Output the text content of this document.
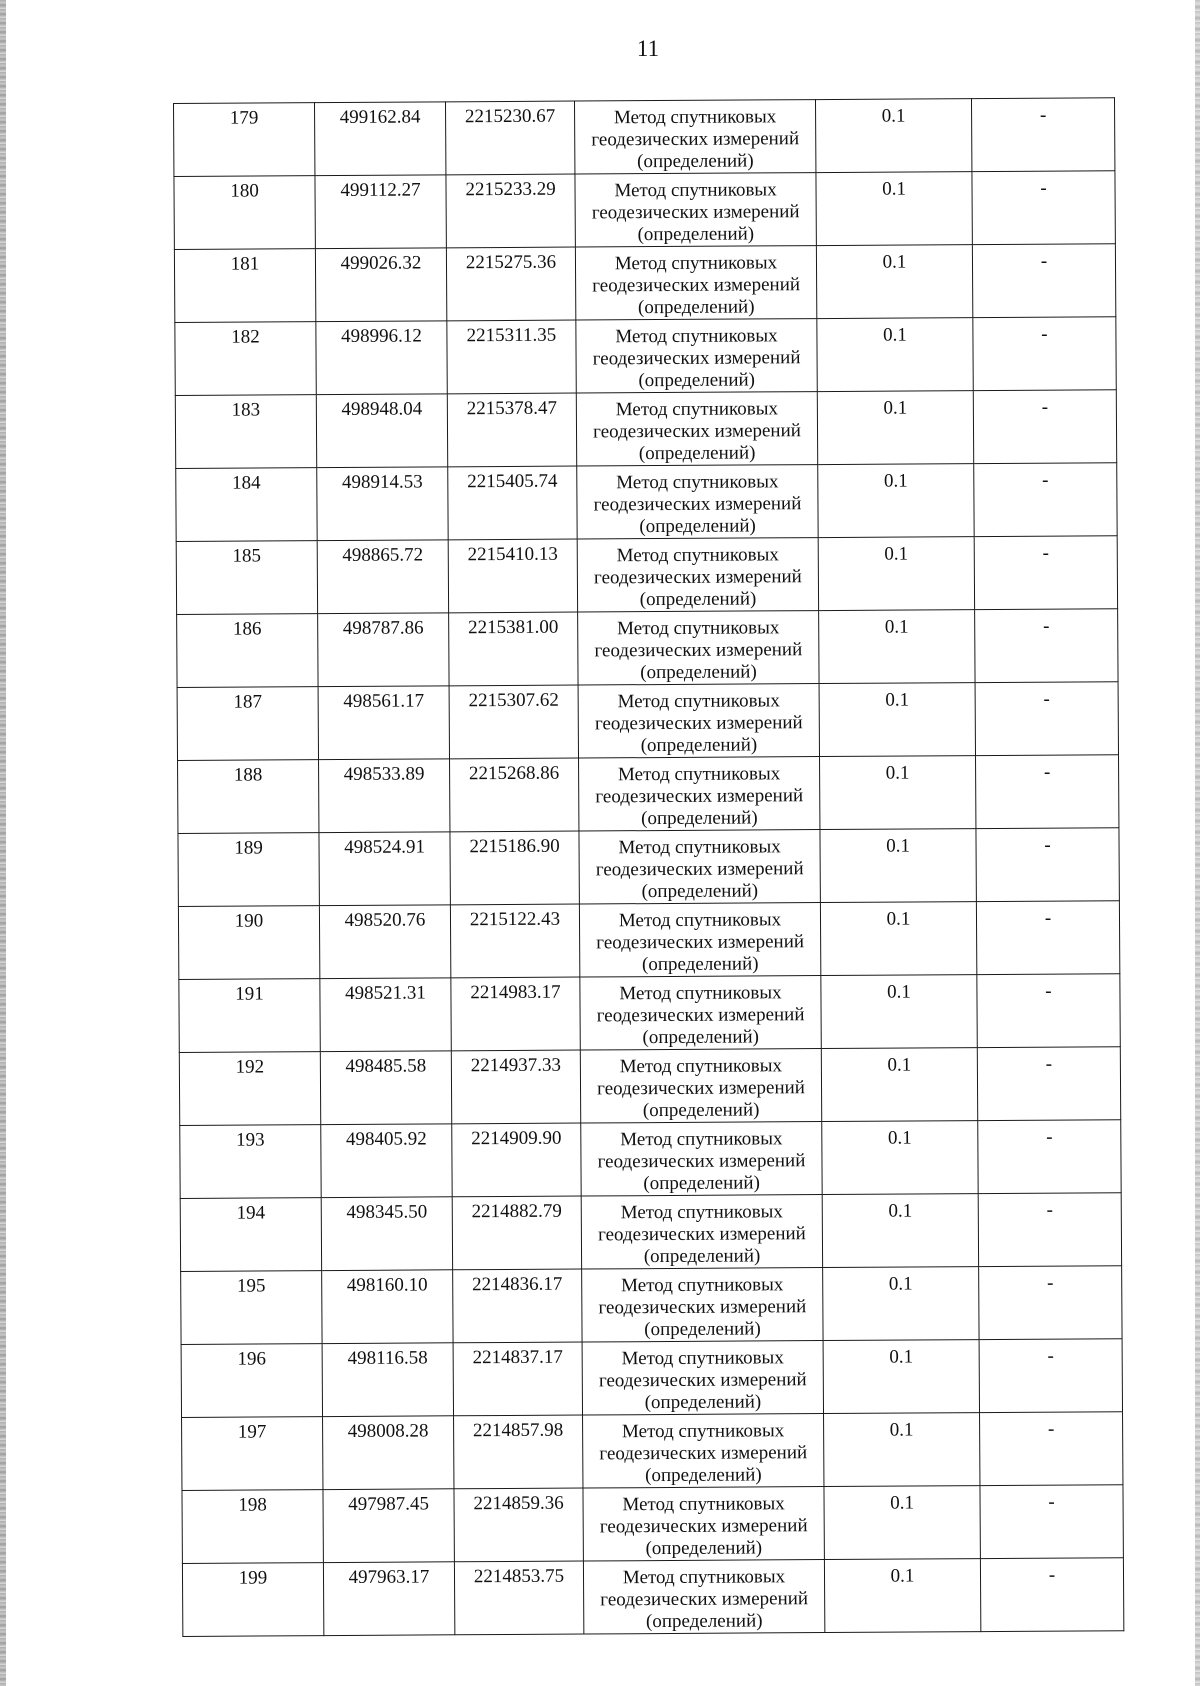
11
179	499162.84	2215230.67	Метод спутниковых
геодезических измерений
(определений)	0.1	-
180	499112.27	2215233.29	Метод спутниковых
геодезических измерений
(определений)	0.1	-
181	499026.32	2215275.36	Метод спутниковых
геодезических измерений
(определений)	0.1	-
182	498996.12	2215311.35	Метод спутниковых
геодезических измерений
(определений)	0.1	-
183	498948.04	2215378.47	Метод спутниковых
геодезических измерений
(определений)	0.1	-
184	498914.53	2215405.74	Метод спутниковых
геодезических измерений
(определений)	0.1	-
185	498865.72	2215410.13	Метод спутниковых
геодезических измерений
(определений)	0.1	-
186	498787.86	2215381.00	Метод спутниковых
геодезических измерений
(определений)	0.1	-
187	498561.17	2215307.62	Метод спутниковых
геодезических измерений
(определений)	0.1	-
188	498533.89	2215268.86	Метод спутниковых
геодезических измерений
(определений)	0.1	-
189	498524.91	2215186.90	Метод спутниковых
геодезических измерений
(определений)	0.1	-
190	498520.76	2215122.43	Метод спутниковых
геодезических измерений
(определений)	0.1	-
191	498521.31	2214983.17	Метод спутниковых
геодезических измерений
(определений)	0.1	-
192	498485.58	2214937.33	Метод спутниковых
геодезических измерений
(определений)	0.1	-
193	498405.92	2214909.90	Метод спутниковых
геодезических измерений
(определений)	0.1	-
194	498345.50	2214882.79	Метод спутниковых
геодезических измерений
(определений)	0.1	-
195	498160.10	2214836.17	Метод спутниковых
геодезических измерений
(определений)	0.1	-
196	498116.58	2214837.17	Метод спутниковых
геодезических измерений
(определений)	0.1	-
197	498008.28	2214857.98	Метод спутниковых
геодезических измерений
(определений)	0.1	-
198	497987.45	2214859.36	Метод спутниковых
геодезических измерений
(определений)	0.1	-
199	497963.17	2214853.75	Метод спутниковых
геодезических измерений
(определений)	0.1	-
